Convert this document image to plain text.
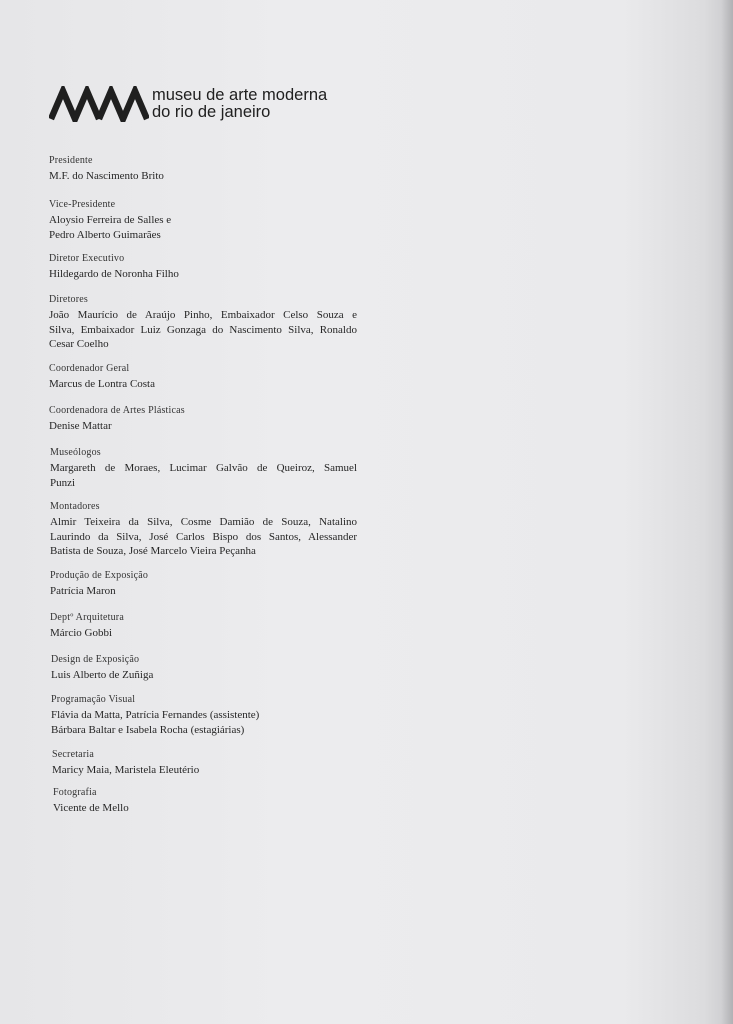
museu de arte moderna
do rio de janeiro
Presidente
M.F. do Nascimento Brito
Vice-Presidente
Aloysio Ferreira de Salles e
Pedro Alberto Guimarães
Diretor Executivo
Hildegardo de Noronha Filho
Diretores
João Maurício de Araújo Pinho, Embaixador Celso Souza e
Silva, Embaixador Luiz Gonzaga do Nascimento Silva, Ronaldo
Cesar Coelho
Coordenador Geral
Marcus de Lontra Costa
Coordenadora de Artes Plásticas
Denise Mattar
Museólogos
Margareth de Moraes, Lucimar Galvão de Queiroz, Samuel
Punzi
Montadores
Almir Teixeira da Silva, Cosme Damião de Souza, Natalino
Laurindo da Silva, José Carlos Bispo dos Santos, Alessander
Batista de Souza, José Marcelo Vieira Peçanha
Produção de Exposição
Patrícia Maron
Deptº Arquitetura
Márcio Gobbi
Design de Exposição
Luis Alberto de Zuñiga
Programação Visual
Flávia da Matta, Patrícia Fernandes (assistente)
Bárbara Baltar e Isabela Rocha (estagiárias)
Secretaria
Maricy Maia, Maristela Eleutério
Fotografia
Vicente de Mello
